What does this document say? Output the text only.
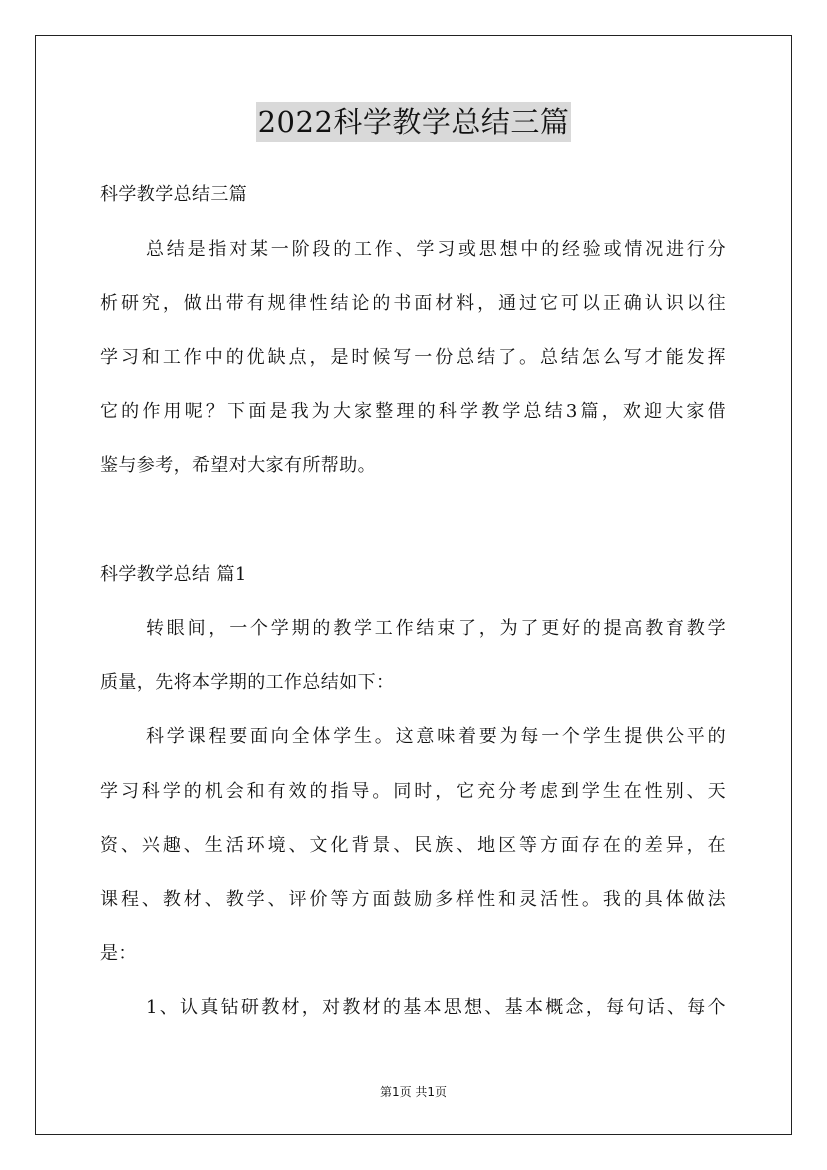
2022科学教学总结三篇
科学教学总结三篇
总结是指对某一阶段的工作、学习或思想中的经验或情况进行分
析研究，做出带有规律性结论的书面材料，通过它可以正确认识以往
学习和工作中的优缺点，是时候写一份总结了。总结怎么写才能发挥
它的作用呢？下面是我为大家整理的科学教学总结3篇，欢迎大家借
鉴与参考，希望对大家有所帮助。
科学教学总结 篇1
转眼间，一个学期的教学工作结束了，为了更好的提高教育教学
质量，先将本学期的工作总结如下：
科学课程要面向全体学生。这意味着要为每一个学生提供公平的
学习科学的机会和有效的指导。同时，它充分考虑到学生在性别、天
资、兴趣、生活环境、文化背景、民族、地区等方面存在的差异，在
课程、教材、教学、评价等方面鼓励多样性和灵活性。我的具体做法
是：
1、认真钻研教材，对教材的基本思想、基本概念，每句话、每个
第1页 共1页
